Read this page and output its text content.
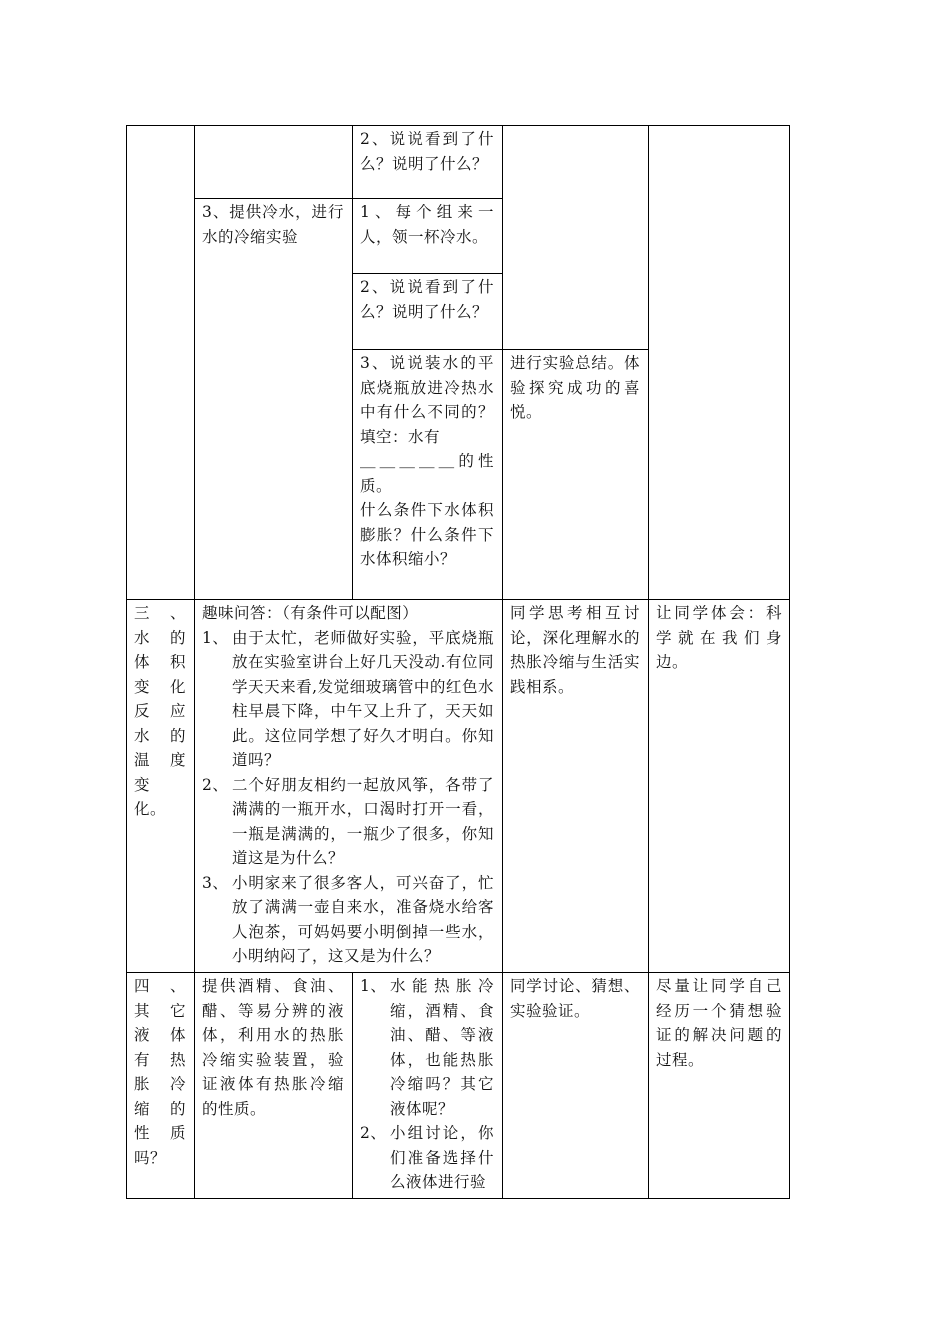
2、说说看到了什么？说明了什么？

3、提供冷水，进行水的冷缩实验

1、每个组来一人，领一杯冷水。

2、说说看到了什么？说明了什么？

3、说说装水的平底烧瓶放进冷热水中有什么不同的？填空：水有

＿＿＿＿＿的性质。

什么条件下水体积膨胀？什么条件下水体积缩小？

进行实验总结。体验探究成功的喜悦。

三　、

水　的

体　积

变　化

反　应

水　的

温　度

变

化。

趣味问答：（有条件可以配图）

1、 由于太忙，老师做好实验，平底烧瓶放在实验室讲台上好几天没动.有位同学天天来看,发觉细玻璃管中的红色水柱早晨下降，中午又上升了，天天如此。这位同学想了好久才明白。你知道吗？
2、 二个好朋友相约一起放风筝，各带了满满的一瓶开水，口渴时打开一看，一瓶是满满的，一瓶少了很多，你知道这是为什么？
3、 小明家来了很多客人，可兴奋了，忙放了满满一壶自来水，准备烧水给客人泡茶，可妈妈要小明倒掉一些水，小明纳闷了，这又是为什么？

同学思考相互讨论，深化理解水的热胀冷缩与生活实践相系。

让同学体会：科学就在我们身边。

四　、

其　它

液　体

有　热

胀　冷

缩　的

性　质

吗？

提供酒精、食油、醋、等易分辨的液体，利用水的热胀冷缩实验装置，验证液体有热胀冷缩的性质。

1、 水能热胀冷缩，酒精、食油、醋、等液体，也能热胀冷缩吗？其它液体呢？
2、 小组讨论，你们准备选择什么液体进行验

同学讨论、猜想、实验验证。

尽量让同学自己经历一个猜想验证的解决问题的过程。
